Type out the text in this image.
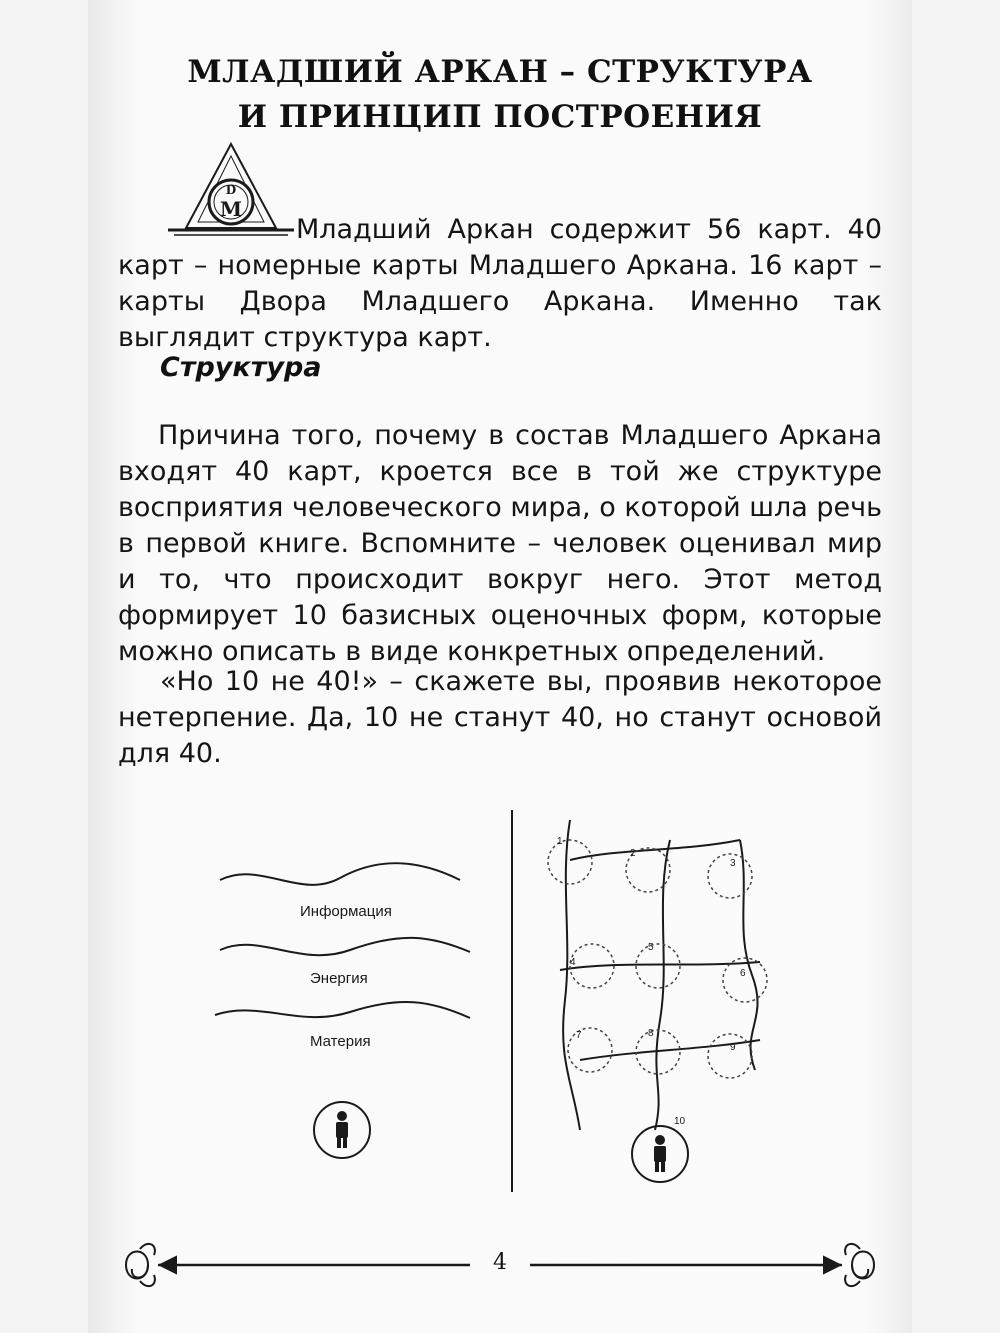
МЛАДШИЙ АРКАН – СТРУКТУРА
И ПРИНЦИП ПОСТРОЕНИЯ
D
M

Младший Аркан содержит 56 карт. 40 карт – номерные карты Младшего Аркана. 16 карт – карты Двора Младшего Аркана. Именно так выглядит структура карт.

Структура

Причина того, почему в состав Младшего Аркана входят 40 карт, кроется все в той же структуре восприятия человеческого мира, о которой шла речь в первой книге. Вспомните – человек оценивал мир и то, что происходит вокруг него. Этот метод формирует 10 базисных оценочных форм, которые можно описать в виде конкретных определений.

«Но 10 не 40!» – скажете вы, проявив некоторое нетерпение. Да, 10 не станут 40, но станут основой для 40.

Информация
Энергия
Материя
1
2
3
4
5
6
7	8
9
10
4
